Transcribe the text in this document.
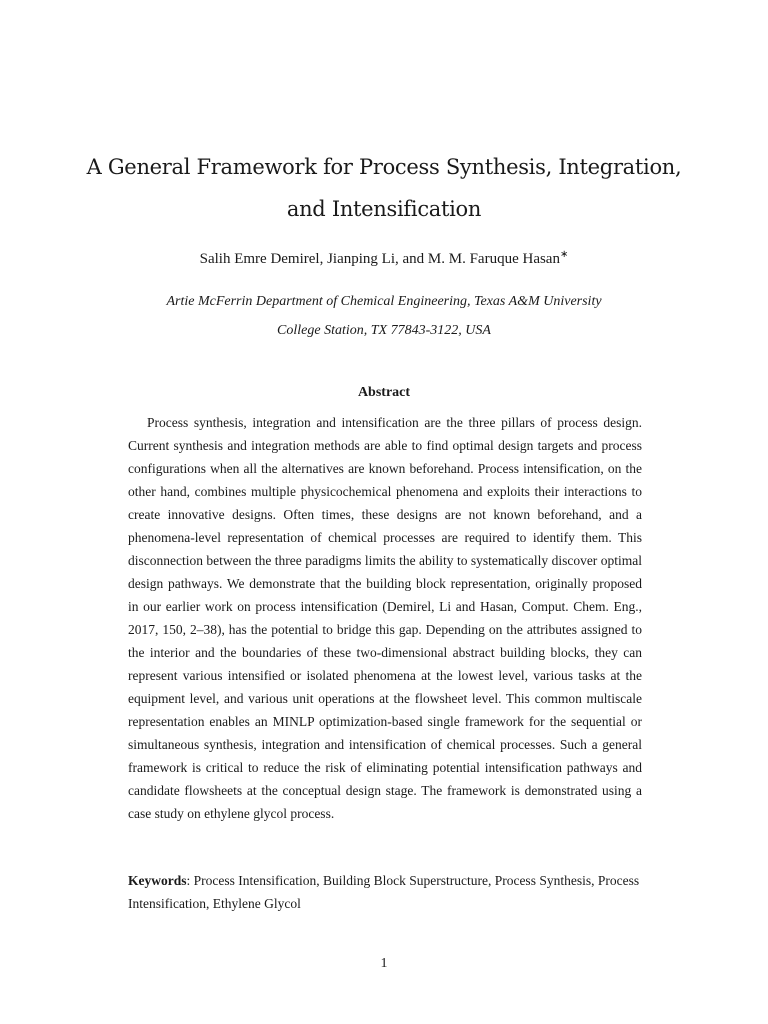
A General Framework for Process Synthesis, Integration,
and Intensification
Salih Emre Demirel, Jianping Li, and M. M. Faruque Hasan∗
Artie McFerrin Department of Chemical Engineering, Texas A&M University
College Station, TX 77843-3122, USA
Abstract

Process synthesis, integration and intensification are the three pillars of process design. Current synthesis and integration methods are able to find optimal design targets and process configurations when all the alternatives are known beforehand. Process intensification, on the other hand, combines multiple physicochemical phenomena and exploits their interactions to create innovative designs. Often times, these designs are not known beforehand, and a phenomena-level representation of chemical processes are required to identify them. This disconnection between the three paradigms limits the ability to systematically discover optimal design pathways. We demonstrate that the building block representation, originally proposed in our earlier work on process intensification (Demirel, Li and Hasan, Comput. Chem. Eng., 2017, 150, 2–38), has the potential to bridge this gap. Depending on the attributes assigned to the interior and the boundaries of these two-dimensional abstract building blocks, they can represent various intensified or isolated phenomena at the lowest level, various tasks at the equipment level, and various unit operations at the flowsheet level. This common multiscale representation enables an MINLP optimization-based single framework for the sequential or simultaneous synthesis, integration and intensification of chemical processes. Such a general framework is critical to reduce the risk of eliminating potential intensification pathways and candidate flowsheets at the conceptual design stage. The framework is demonstrated using a case study on ethylene glycol process.

Keywords: Process Intensification, Building Block Superstructure, Process Synthesis, Process Intensification, Ethylene Glycol

1
